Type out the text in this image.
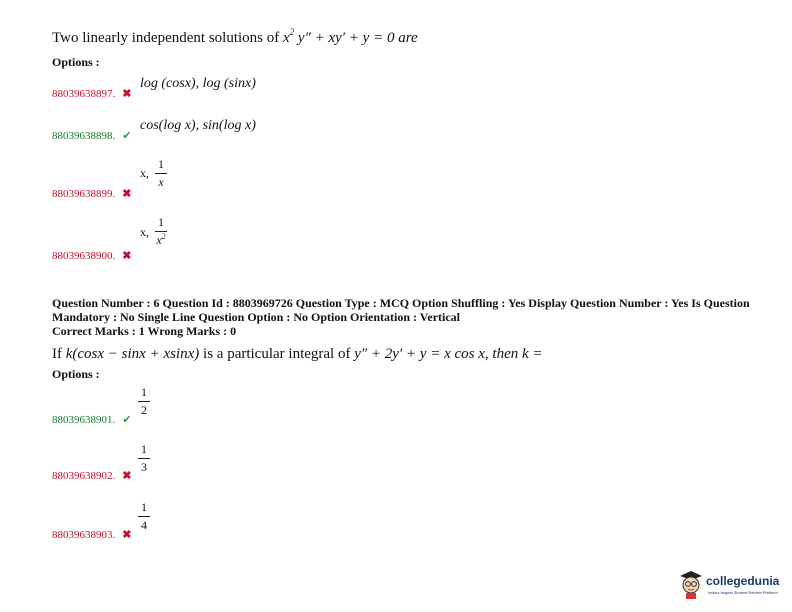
Two linearly independent solutions of $x^2$ y″ + xy′ + y = 0 are
Options :
88039638897. ✖
log (cosx), log (sinx)
88039638898. ✔
cos(log x), sin(log x)
88039638899. ✖
x, $\frac{1}{x}$
88039638900. ✖
x, $\frac{1}{x^2}$
Question Number : 6 Question Id : 8803969726 Question Type : MCQ Option Shuffling : Yes Display Question Number : Yes Is Question Mandatory : No Single Line Question Option : No Option Orientation : Vertical
Correct Marks : 1 Wrong Marks : 0
If k(cosx − sinx + xsinx) is a particular integral of y″ + 2y′ + y = x cos x, then k =
Options :
88039638901. ✔
$\frac{1}{2}$
88039638902. ✖
$\frac{1}{3}$
88039638903. ✖
$\frac{1}{4}$
collegedunia
India's largest Student Review Platform
